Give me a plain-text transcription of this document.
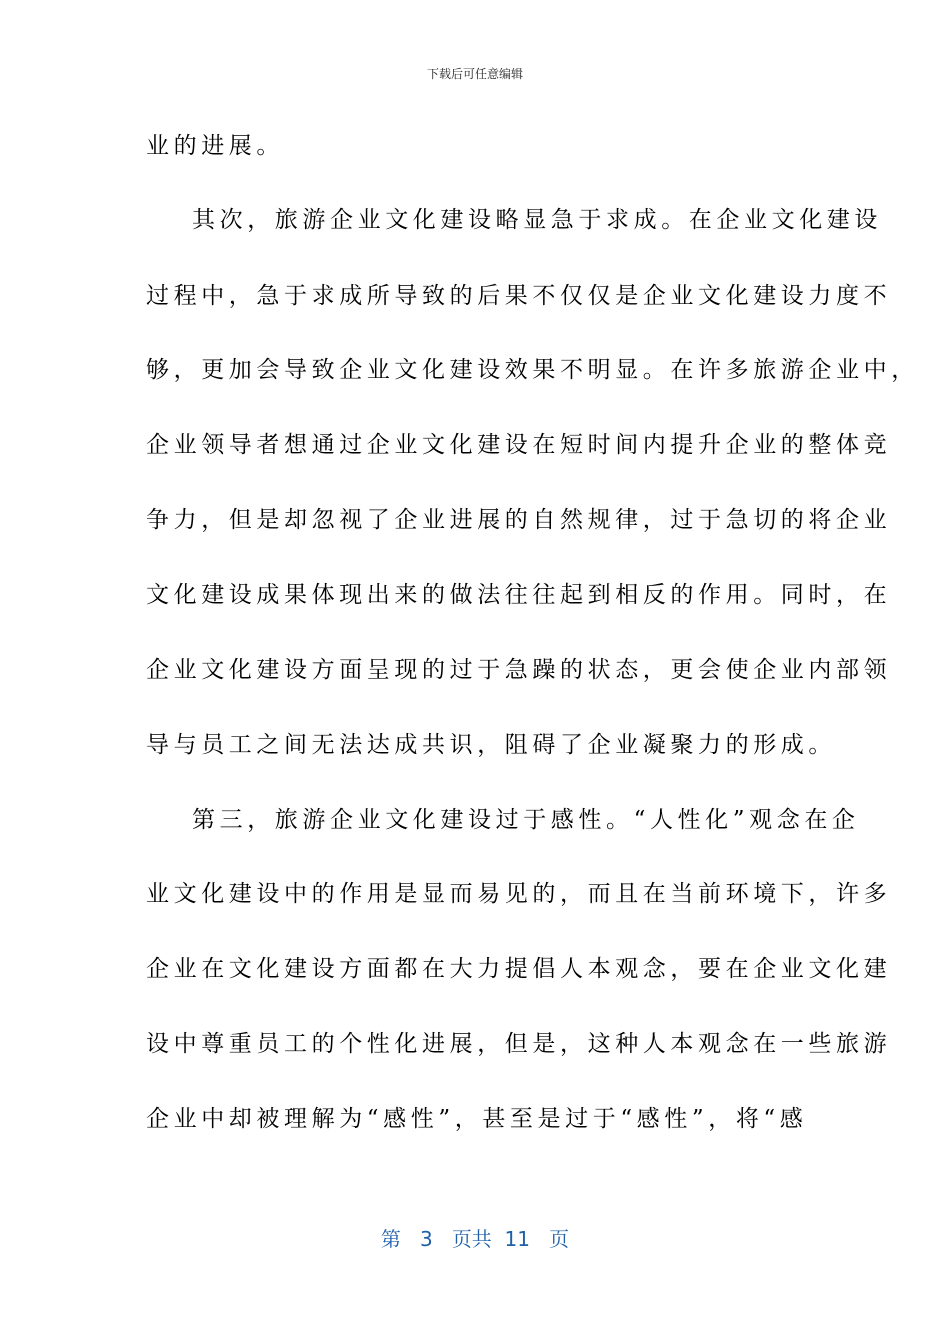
下载后可任意编辑
业的进展。
其次，旅游企业文化建设略显急于求成。在企业文化建设
过程中，急于求成所导致的后果不仅仅是企业文化建设力度不
够，更加会导致企业文化建设效果不明显。在许多旅游企业中，
企业领导者想通过企业文化建设在短时间内提升企业的整体竞
争力，但是却忽视了企业进展的自然规律，过于急切的将企业
文化建设成果体现出来的做法往往起到相反的作用。同时，在
企业文化建设方面呈现的过于急躁的状态，更会使企业内部领
导与员工之间无法达成共识，阻碍了企业凝聚力的形成。
第三，旅游企业文化建设过于感性。“人性化”观念在企
业文化建设中的作用是显而易见的，而且在当前环境下，许多
企业在文化建设方面都在大力提倡人本观念，要在企业文化建
设中尊重员工的个性化进展，但是，这种人本观念在一些旅游
企业中却被理解为“感性”，甚至是过于“感性”，将“感
第 3 页共 11 页
